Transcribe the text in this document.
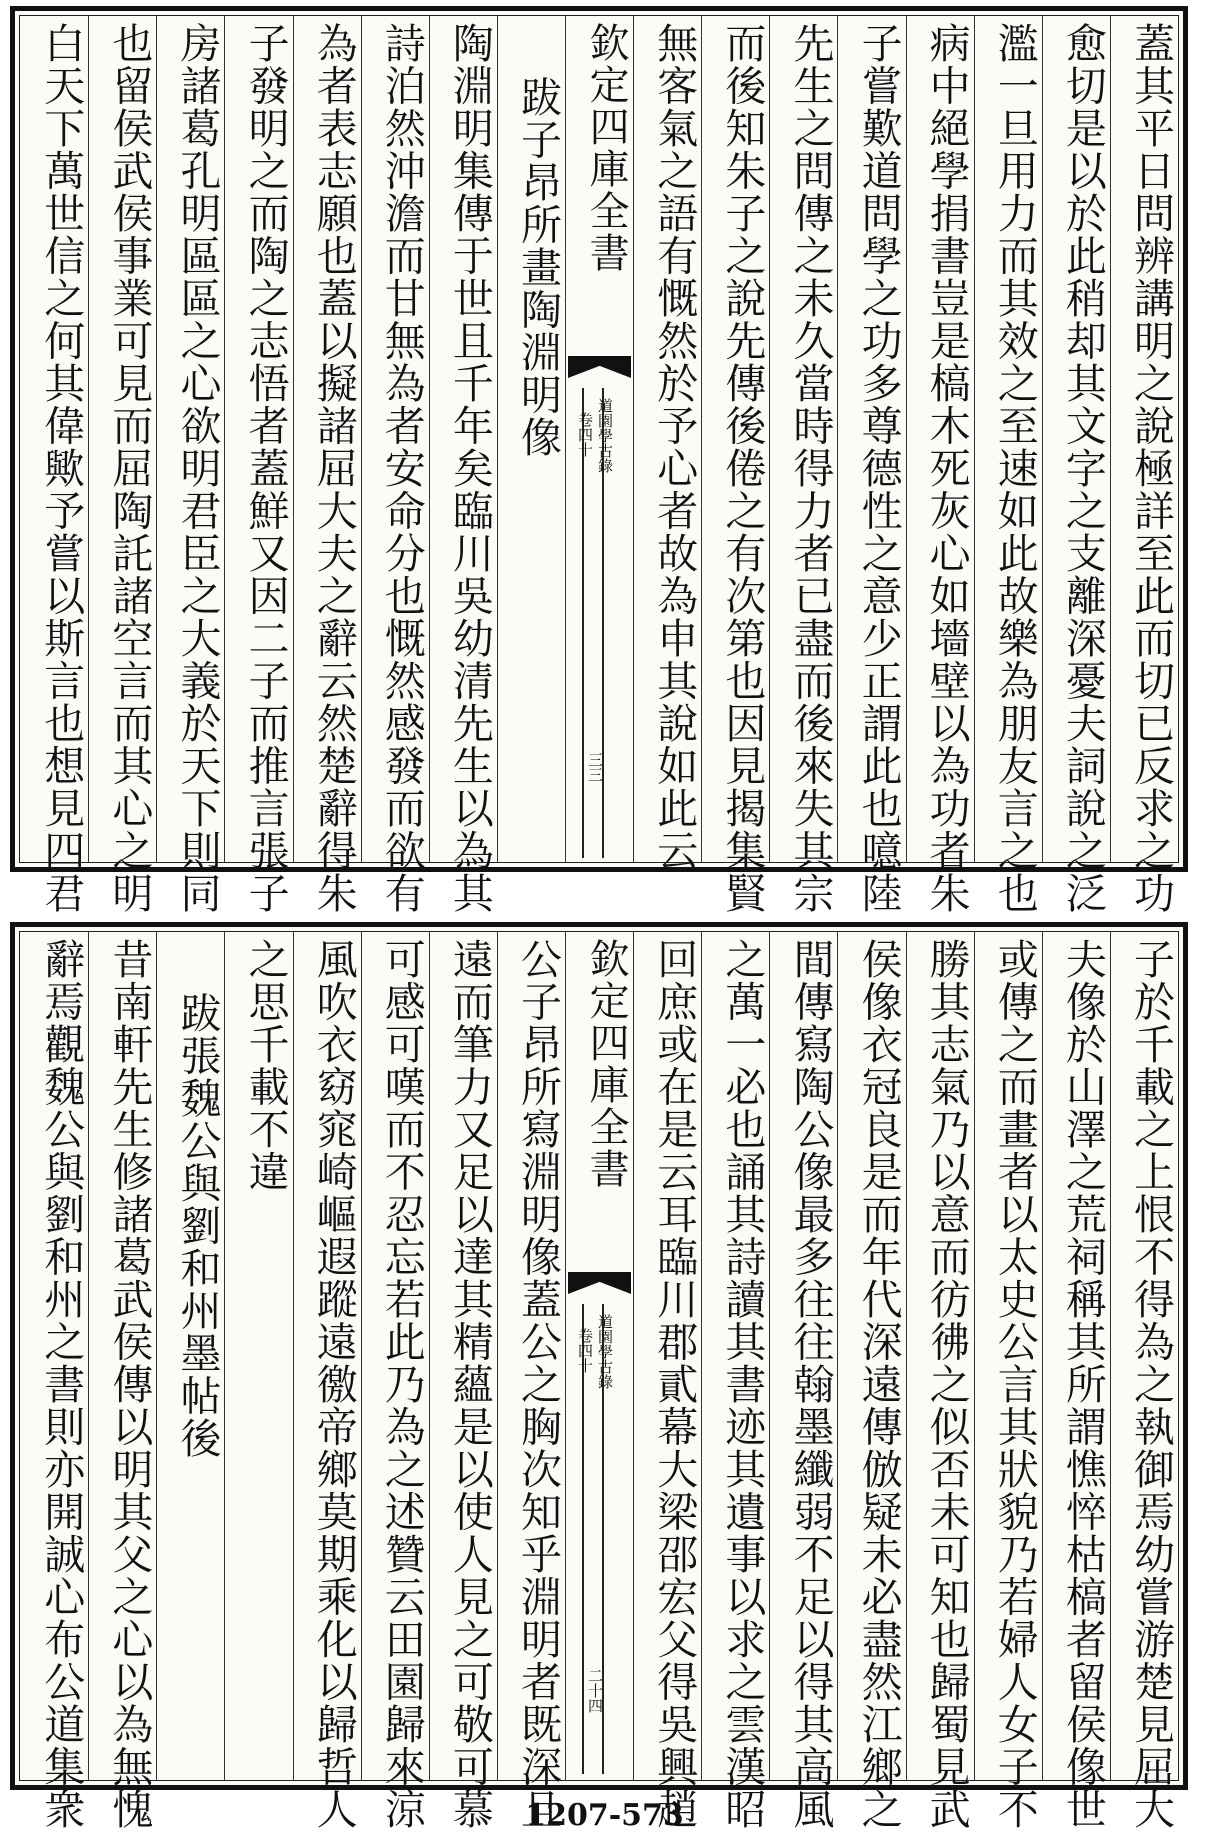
蓋其平日問辨講明之說極詳至此而切已反求之功
愈切是以於此稍却其文字之支離深憂夫詞說之泛
濫一旦用力而其效之至速如此故樂為朋友言之也
病中絕學捐書豈是槁木死灰心如墻壁以為功者朱
子嘗歎道問學之功多尊德性之意少正謂此也噫陸
先生之問傳之未久當時得力者已盡而後來失其宗
而後知朱子之說先傳後倦之有次第也因見揭集賢
無客氣之語有慨然於予心者故為申其說如此云
欽定四庫全書
道園學古錄
卷四十
三三
跋子昂所畫陶淵明像
陶淵明集傳于世且千年矣臨川吳幼清先生以為其
詩泊然沖澹而甘無為者安命分也慨然感發而欲有
為者表志願也蓋以擬諸屈大夫之辭云然楚辭得朱
子發明之而陶之志悟者蓋鮮又因二子而推言張子
房諸葛孔明區區之心欲明君臣之大義於天下則同
也留侯武侯事業可見而屈陶託諸空言而其心之明
白天下萬世信之何其偉歟予嘗以斯言也想見四君
子於千載之上恨不得為之執御焉幼嘗游楚見屈大
夫像於山澤之荒祠稱其所謂憔悴枯槁者留侯像世
或傳之而畫者以太史公言其狀貌乃若婦人女子不
勝其志氣乃以意而彷彿之似否未可知也歸蜀見武
侯像衣冠良是而年代深遠傳倣疑未必盡然江鄉之
間傳寫陶公像最多往往翰墨纖弱不足以得其高風
之萬一必也誦其詩讀其書迹其遺事以求之雲漢昭
回庶或在是云耳臨川郡貳幕大梁邵宏父得吳興趙
欽定四庫全書
道園學古錄
卷四十
二十四
公子昂所寫淵明像蓋公之胸次知乎淵明者既深且
遠而筆力又足以達其精蘊是以使人見之可敬可慕
可感可嘆而不忍忘若此乃為之述贊云田園歸來涼
風吹衣窈窕崎嶇遐蹤遠徼帝鄉莫期乘化以歸哲人
之思千載不違
跋張魏公與劉和州墨帖後
昔南軒先生修諸葛武侯傳以明其父之心以為無愧
辭焉觀魏公與劉和州之書則亦開誠心布公道集衆	1207-573
